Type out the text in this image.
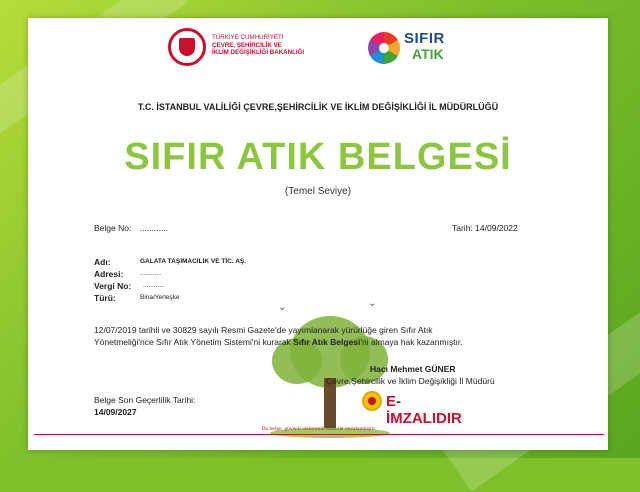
TÜRKİYE CUMHURİYETİ
ÇEVRE, ŞEHİRCİLİK VE
İKLİM DEĞİŞİKLİĞİ BAKANLIĞI
SIFIR
ATIK
T.C. İSTANBUL VALİLİĞİ ÇEVRE,ŞEHİRCİLİK VE İKLİM DEĞİŞİKLİĞİ İL MÜDÜRLÜĞÜ
SIFIR ATIK BELGESİ
(Temel Seviye)
Belge No: ............	Tarih: 14/09/2022
Adı:	GALATA TAŞIMACILIK VE TİC. AŞ.
Adresi:	............
Vergi No: ............
Türü:	Bina/Yerleşke
⌄	⌄
12/07/2019 tarihli ve 30829 sayılı Resmi Gazete'de yayımlanarak yürürlüğe giren Sıfır Atık
Yönetmeliği'nce Sıfır Atık Yönetim Sistemi'ni kurarak Sıfır Atık Belgesi'ni almaya hak kazanmıştır.
Hacı Mehmet GÜNER
Çevre,Şehircilik ve İklim Değişikliği İl Müdürü
Belge Son Geçerlilik Tarihi:
14/09/2027
E-İMZALIDIR
Bu belge, güvenli elektronik imza ile imzalanmıştır.
